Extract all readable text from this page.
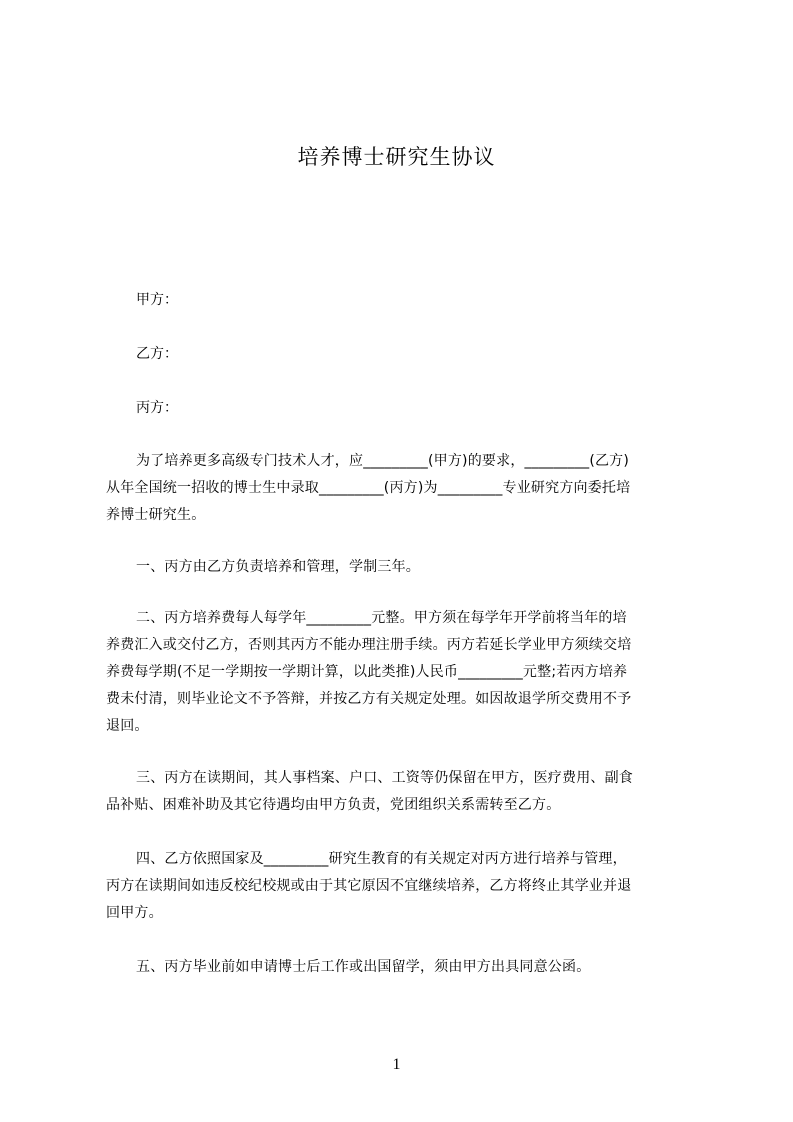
培养博士研究生协议
甲方：
乙方：
丙方：
为了培养更多高级专门技术人才，应_________(甲方)的要求，_________(乙方)
从年全国统一招收的博士生中录取_________(丙方)为_________专业研究方向委托培
养博士研究生。
一、丙方由乙方负责培养和管理，学制三年。
二、丙方培养费每人每学年_________元整。甲方须在每学年开学前将当年的培
养费汇入或交付乙方，否则其丙方不能办理注册手续。丙方若延长学业甲方须续交培
养费每学期(不足一学期按一学期计算，以此类推)人民币_________元整;若丙方培养
费未付清，则毕业论文不予答辩，并按乙方有关规定处理。如因故退学所交费用不予
退回。
三、丙方在读期间，其人事档案、户口、工资等仍保留在甲方，医疗费用、副食
品补贴、困难补助及其它待遇均由甲方负责，党团组织关系需转至乙方。
四、乙方依照国家及_________研究生教育的有关规定对丙方进行培养与管理，
丙方在读期间如违反校纪校规或由于其它原因不宜继续培养，乙方将终止其学业并退
回甲方。
五、丙方毕业前如申请博士后工作或出国留学，须由甲方出具同意公函。
1
